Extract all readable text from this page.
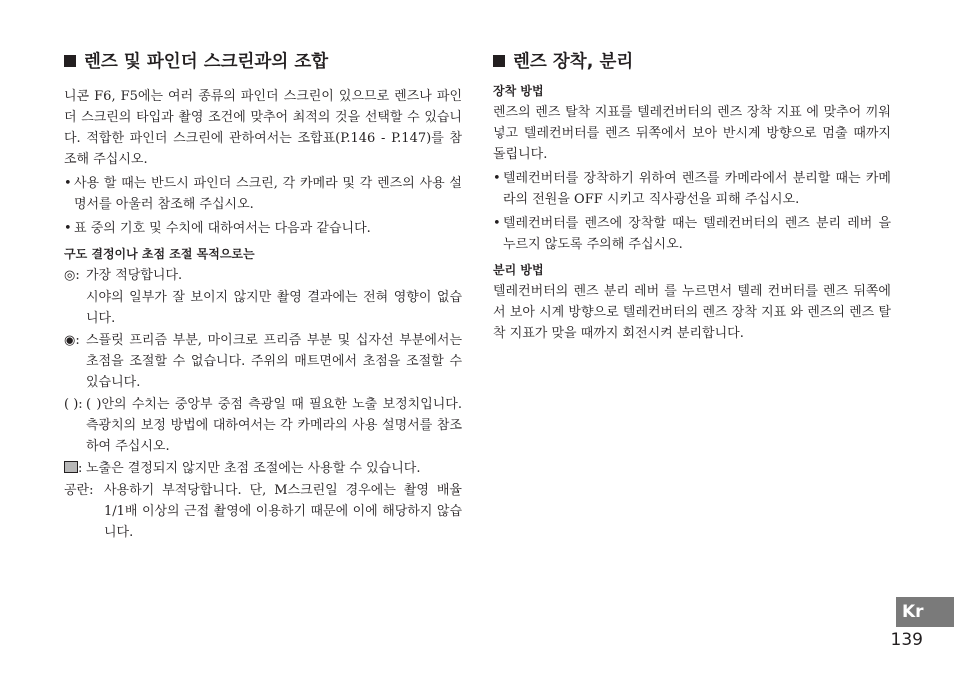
렌즈 및 파인더 스크린과의 조합

니콘 F6, F5에는 여러 종류의 파인더 스크린이 있으므로 렌즈나 파인더 스크린의 타입과 촬영 조건에 맞추어 최적의 것을 선택할 수 있습니다. 적합한 파인더 스크린에 관하여서는 조합표(P.146 - P.147)를 참조해 주십시오.

• 사용 할 때는 반드시 파인더 스크린, 각 카메라 및 각 렌즈의 사용 설명서를 아울러 참조해 주십시오.
• 표 중의 기호 및 수치에 대하여서는 다음과 같습니다.
구도 결정이나 초점 조절 목적으로는
◎: 가장 적당합니다.
시야의 일부가 잘 보이지 않지만 촬영 결과에는 전혀 영향이 없습니다.
◉: 스플릿 프리즘 부분, 마이크로 프리즘 부분 및 십자선 부분에서는 초점을 조절할 수 없습니다. 주위의 매트면에서 초점을 조절할 수 있습니다.
( ): ( )안의 수치는 중앙부 중점 측광일 때 필요한 노출 보정치입니다. 측광치의 보정 방법에 대하여서는 각 카메라의 사용 설명서를 참조하여 주십시오.
: 노출은 결정되지 않지만 초점 조절에는 사용할 수 있습니다.
공란: 사용하기 부적당합니다. 단, M스크린일 경우에는 촬영 배율 1/1배 이상의 근접 촬영에 이용하기 때문에 이에 해당하지 않습니다.
렌즈 장착, 분리
장착 방법

렌즈의 렌즈 탈착 지표를 텔레컨버터의 렌즈 장착 지표 에 맞추어 끼워 넣고 텔레컨버터를 렌즈 뒤쪽에서 보아 반시계 방향으로 멈출 때까지 돌립니다.

• 텔레컨버터를 장착하기 위하여 렌즈를 카메라에서 분리할 때는 카메라의 전원을 OFF 시키고 직사광선을 피해 주십시오.
• 텔레컨버터를 렌즈에 장착할 때는 텔레컨버터의 렌즈 분리 레버 을 누르지 않도록 주의해 주십시오.
분리 방법

텔레컨버터의 렌즈 분리 레버 를 누르면서 텔레 컨버터를 렌즈 뒤쪽에서 보아 시계 방향으로 텔레컨버터의 렌즈 장착 지표 와 렌즈의 렌즈 탈착 지표가 맞을 때까지 회전시켜 분리합니다.

Kr
139
